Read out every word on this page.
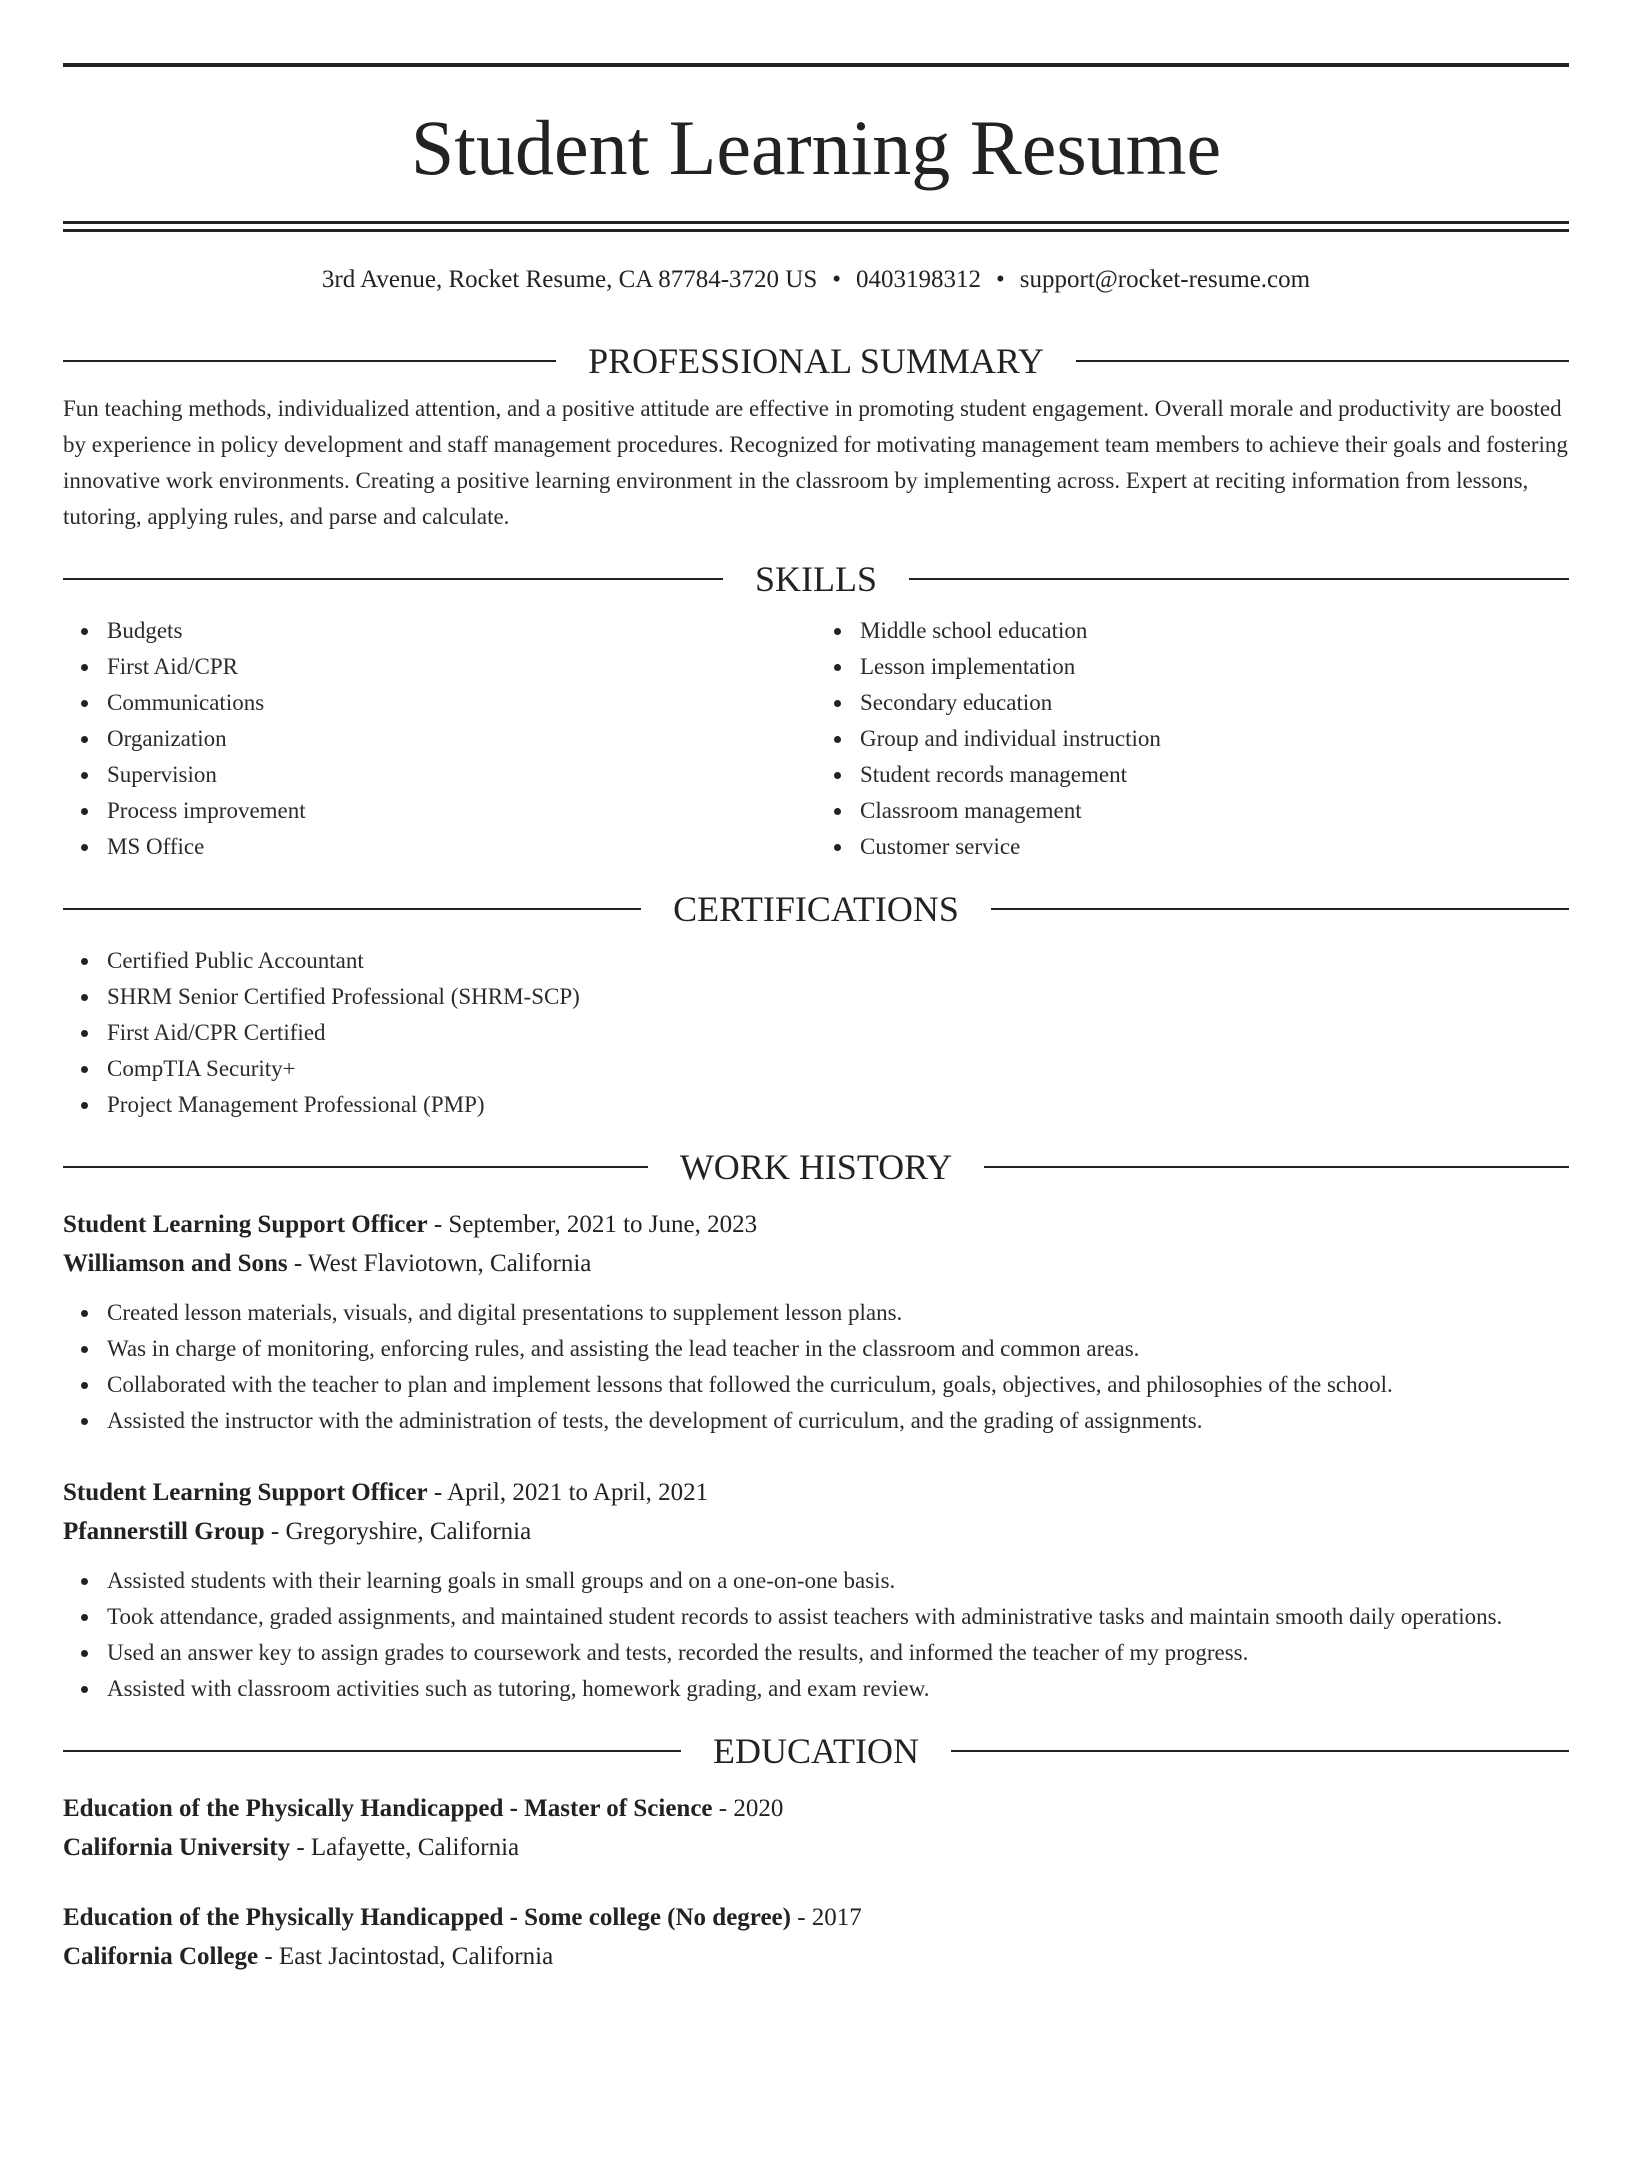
Student Learning Resume
3rd Avenue, Rocket Resume, CA 87784-3720 US • 0403198312 • support@rocket-resume.com
PROFESSIONAL SUMMARY
Fun teaching methods, individualized attention, and a positive attitude are effective in promoting student engagement. Overall morale and productivity are boosted by experience in policy development and staff management procedures. Recognized for motivating management team members to achieve their goals and fostering innovative work environments. Creating a positive learning environment in the classroom by implementing across. Expert at reciting information from lessons, tutoring, applying rules, and parse and calculate.
SKILLS
Budgets
First Aid/CPR
Communications
Organization
Supervision
Process improvement
MS Office
Middle school education
Lesson implementation
Secondary education
Group and individual instruction
Student records management
Classroom management
Customer service
CERTIFICATIONS
Certified Public Accountant
SHRM Senior Certified Professional (SHRM-SCP)
First Aid/CPR Certified
CompTIA Security+
Project Management Professional (PMP)
WORK HISTORY
Student Learning Support Officer - September, 2021 to June, 2023
Williamson and Sons - West Flaviotown, California
Created lesson materials, visuals, and digital presentations to supplement lesson plans.
Was in charge of monitoring, enforcing rules, and assisting the lead teacher in the classroom and common areas.
Collaborated with the teacher to plan and implement lessons that followed the curriculum, goals, objectives, and philosophies of the school.
Assisted the instructor with the administration of tests, the development of curriculum, and the grading of assignments.
Student Learning Support Officer - April, 2021 to April, 2021
Pfannerstill Group - Gregoryshire, California
Assisted students with their learning goals in small groups and on a one-on-one basis.
Took attendance, graded assignments, and maintained student records to assist teachers with administrative tasks and maintain smooth daily operations.
Used an answer key to assign grades to coursework and tests, recorded the results, and informed the teacher of my progress.
Assisted with classroom activities such as tutoring, homework grading, and exam review.
EDUCATION
Education of the Physically Handicapped - Master of Science - 2020
California University - Lafayette, California
Education of the Physically Handicapped - Some college (No degree) - 2017
California College - East Jacintostad, California
